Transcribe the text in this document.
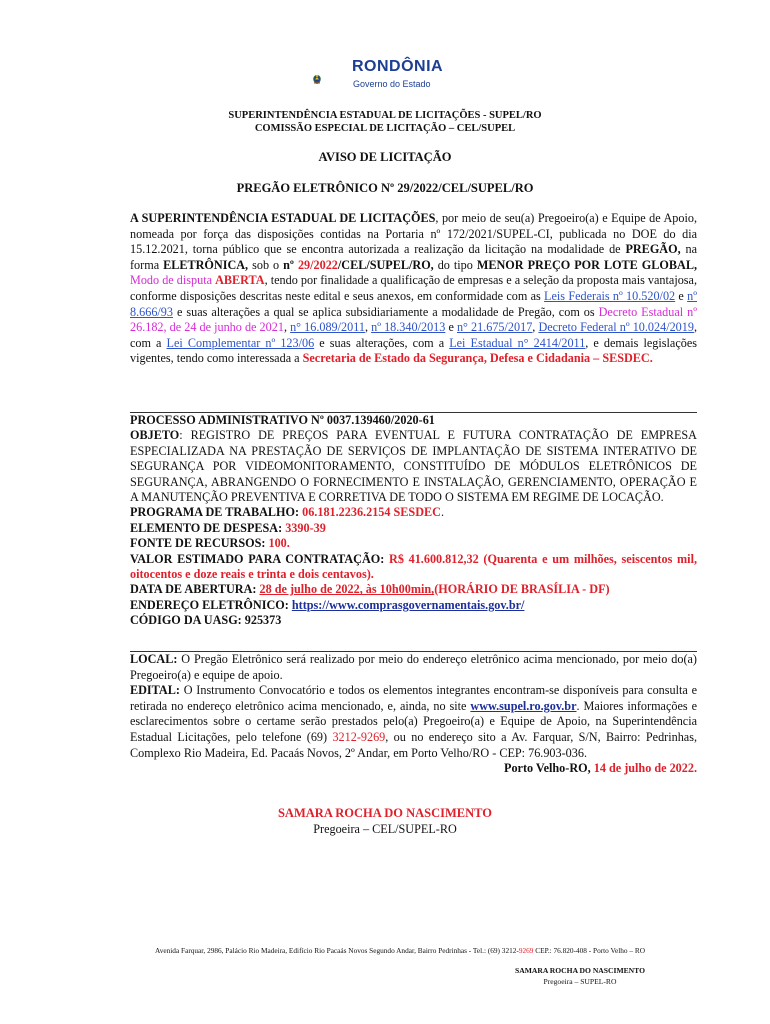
RONDÔNIA
Governo do Estado
SUPERINTENDÊNCIA ESTADUAL DE LICITAÇÕES - SUPEL/RO
COMISSÃO ESPECIAL DE LICITAÇÃO – CEL/SUPEL
AVISO DE LICITAÇÃO
PREGÃO ELETRÔNICO Nº 29/2022/CEL/SUPEL/RO

A SUPERINTENDÊNCIA ESTADUAL DE LICITAÇÕES, por meio de seu(a) Pregoeiro(a) e Equipe de Apoio, nomeada por força das disposições contidas na Portaria nº 172/2021/SUPEL-CI, publicada no DOE do dia 15.12.2021, torna público que se encontra autorizada a realização da licitação na modalidade de PREGÃO, na forma ELETRÔNICA, sob o nº 29/2022/CEL/SUPEL/RO, do tipo MENOR PREÇO POR LOTE GLOBAL, Modo de disputa ABERTA, tendo por finalidade a qualificação de empresas e a seleção da proposta mais vantajosa, conforme disposições descritas neste edital e seus anexos, em conformidade com as Leis Federais nº 10.520/02 e nº 8.666/93 e suas alterações a qual se aplica subsidiariamente a modalidade de Pregão, com os Decreto Estadual nº 26.182, de 24 de junho de 2021, n° 16.089/2011, nº 18.340/2013 e n° 21.675/2017, Decreto Federal nº 10.024/2019, com a Lei Complementar nº 123/06 e suas alterações, com a Lei Estadual n° 2414/2011, e demais legislações vigentes, tendo como interessada a Secretaria de Estado da Segurança, Defesa e Cidadania – SESDEC.

PROCESSO ADMINISTRATIVO Nº 0037.139460/2020-61

OBJETO: REGISTRO DE PREÇOS PARA EVENTUAL E FUTURA CONTRATAÇÃO DE EMPRESA ESPECIALIZADA NA PRESTAÇÃO DE SERVIÇOS DE IMPLANTAÇÃO DE SISTEMA INTERATIVO DE SEGURANÇA POR VIDEOMONITORAMENTO, CONSTITUÍDO DE MÓDULOS ELETRÔNICOS DE SEGURANÇA, ABRANGENDO O FORNECIMENTO E INSTALAÇÃO, GERENCIAMENTO, OPERAÇÃO E A MANUTENÇÃO PREVENTIVA E CORRETIVA DE TODO O SISTEMA EM REGIME DE LOCAÇÃO.

PROGRAMA DE TRABALHO: 06.181.2236.2154 SESDEC.

ELEMENTO DE DESPESA: 3390-39

FONTE DE RECURSOS: 100.

VALOR ESTIMADO PARA CONTRATAÇÃO: R$ 41.600.812,32 (Quarenta e um milhões, seiscentos mil, oitocentos e doze reais e trinta e dois centavos).

DATA DE ABERTURA: 28 de julho de 2022, às 10h00min,(HORÁRIO DE BRASÍLIA - DF)

ENDEREÇO ELETRÔNICO: https://www.comprasgovernamentais.gov.br/

CÓDIGO DA UASG: 925373

LOCAL: O Pregão Eletrônico será realizado por meio do endereço eletrônico acima mencionado, por meio do(a) Pregoeiro(a) e equipe de apoio.

EDITAL: O Instrumento Convocatório e todos os elementos integrantes encontram-se disponíveis para consulta e retirada no endereço eletrônico acima mencionado, e, ainda, no site www.supel.ro.gov.br. Maiores informações e esclarecimentos sobre o certame serão prestados pelo(a) Pregoeiro(a) e Equipe de Apoio, na Superintendência Estadual Licitações, pelo telefone (69) 3212-9269, ou no endereço sito a Av. Farquar, S/N, Bairro: Pedrinhas, Complexo Rio Madeira, Ed. Pacaás Novos, 2º Andar, em Porto Velho/RO - CEP: 76.903-036.

Porto Velho-RO, 14 de julho de 2022.

SAMARA ROCHA DO NASCIMENTO
Pregoeira – CEL/SUPEL-RO
Avenida Farquar, 2986, Palácio Rio Madeira, Edifício Rio Pacaás Novos Segundo Andar, Bairro Pedrinhas - Tel.: (69) 3212-9269 CEP.: 76.820-408 - Porto Velho – RO
SAMARA ROCHA DO NASCIMENTO
Pregoeira – SUPEL-RO
